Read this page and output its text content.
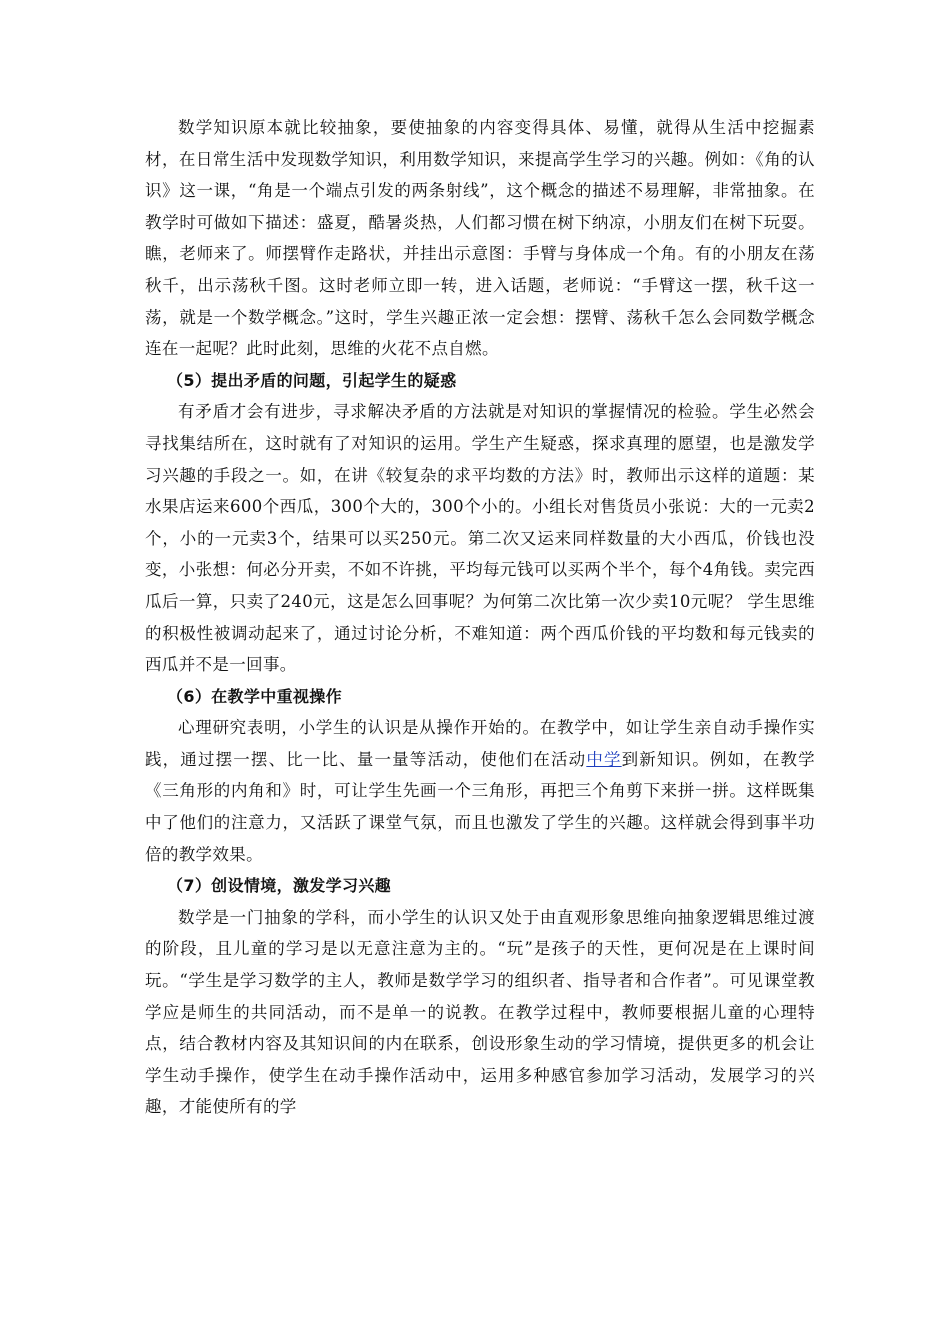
数学知识原本就比较抽象，要使抽象的内容变得具体、易懂，就得从生活中挖掘素材，在日常生活中发现数学知识，利用数学知识，来提高学生学习的兴趣。例如：《角的认识》这一课，“角是一个端点引发的两条射线”，这个概念的描述不易理解，非常抽象。在教学时可做如下描述：盛夏，酷暑炎热，人们都习惯在树下纳凉，小朋友们在树下玩耍。瞧，老师来了。师摆臂作走路状，并挂出示意图：手臂与身体成一个角。有的小朋友在荡秋千，出示荡秋千图。这时老师立即一转，进入话题，老师说：“手臂这一摆，秋千这一荡，就是一个数学概念。”这时，学生兴趣正浓一定会想：摆臂、荡秋千怎么会同数学概念连在一起呢？此时此刻，思维的火花不点自燃。

（5）提出矛盾的问题，引起学生的疑惑

有矛盾才会有进步，寻求解决矛盾的方法就是对知识的掌握情况的检验。学生必然会寻找集结所在，这时就有了对知识的运用。学生产生疑惑，探求真理的愿望，也是激发学习兴趣的手段之一。如，在讲《较复杂的求平均数的方法》时，教师出示这样的道题：某水果店运来600个西瓜，300个大的，300个小的。小组长对售货员小张说：大的一元卖2个，小的一元卖3个，结果可以买250元。第二次又运来同样数量的大小西瓜，价钱也没变，小张想：何必分开卖，不如不许挑，平均每元钱可以买两个半个，每个4角钱。卖完西瓜后一算，只卖了240元，这是怎么回事呢？为何第二次比第一次少卖10元呢？ 学生思维的积极性被调动起来了，通过讨论分析，不难知道：两个西瓜价钱的平均数和每元钱卖的西瓜并不是一回事。

（6）在教学中重视操作

心理研究表明，小学生的认识是从操作开始的。在教学中，如让学生亲自动手操作实践，通过摆一摆、比一比、量一量等活动，使他们在活动中学到新知识。例如，在教学《三角形的内角和》时，可让学生先画一个三角形，再把三个角剪下来拼一拼。这样既集中了他们的注意力，又活跃了课堂气氛，而且也激发了学生的兴趣。这样就会得到事半功倍的教学效果。

（7）创设情境，激发学习兴趣

数学是一门抽象的学科，而小学生的认识又处于由直观形象思维向抽象逻辑思维过渡的阶段，且儿童的学习是以无意注意为主的。“玩”是孩子的天性，更何况是在上课时间玩。“学生是学习数学的主人，教师是数学学习的组织者、指导者和合作者”。可见课堂教学应是师生的共同活动，而不是单一的说教。在教学过程中，教师要根据儿童的心理特点，结合教材内容及其知识间的内在联系，创设形象生动的学习情境，提供更多的机会让学生动手操作，使学生在动手操作活动中，运用多种感官参加学习活动，发展学习的兴趣，才能使所有的学
